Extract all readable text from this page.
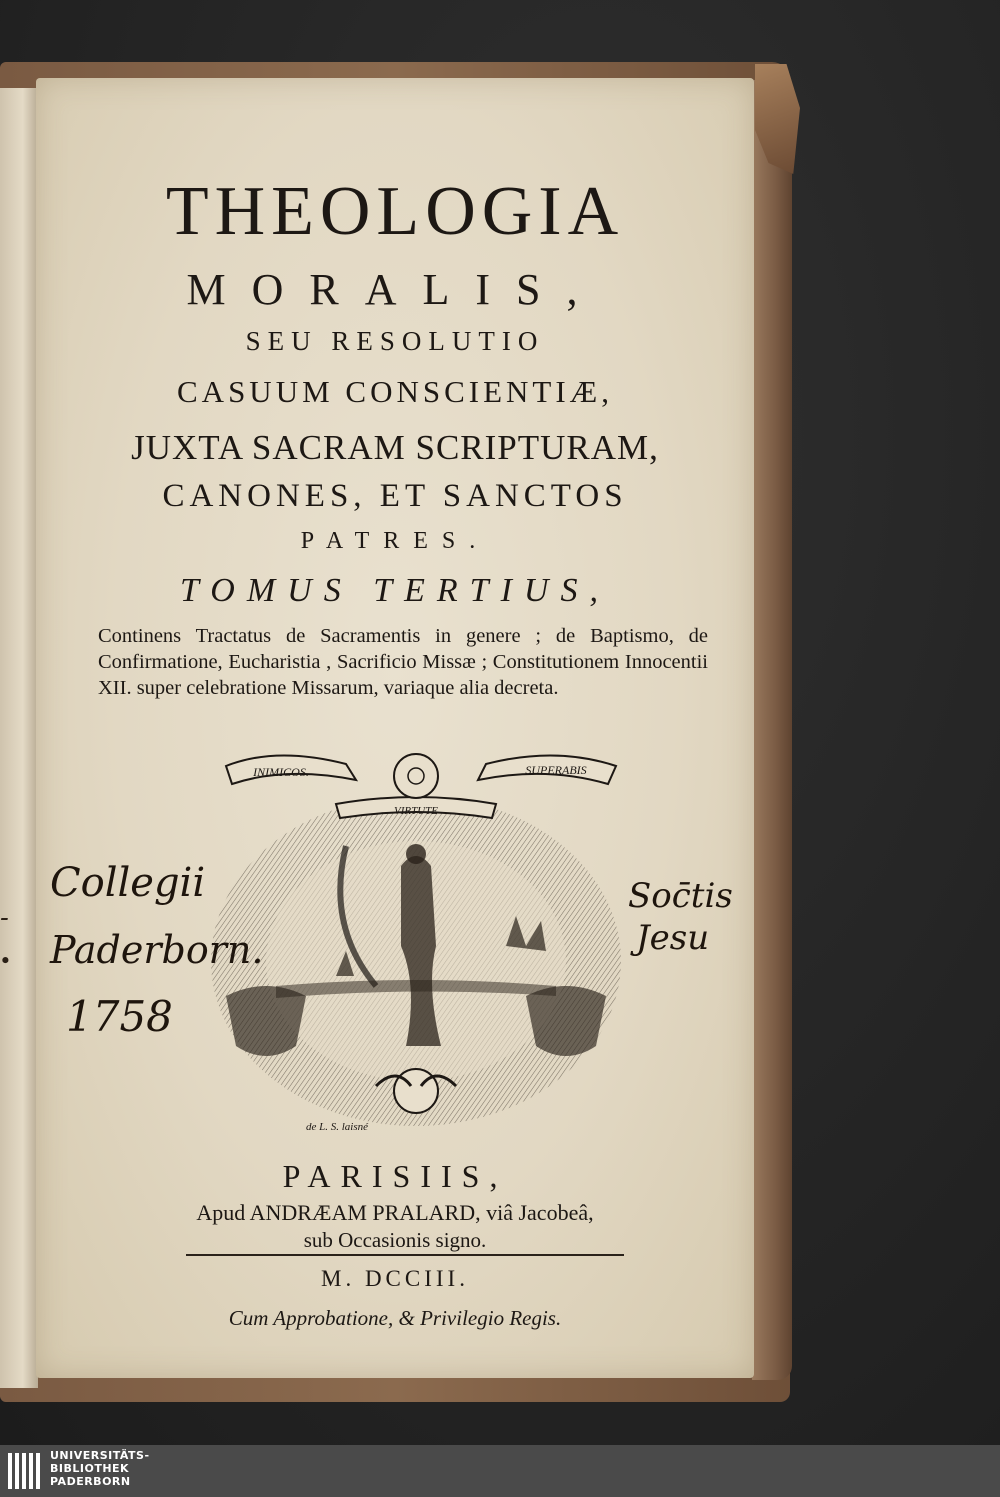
-
∙
THEOLOGIA
MORALIS,
SEU RESOLUTIO
CASUUM CONSCIENTIÆ,
JUXTA SACRAM SCRIPTURAM,
CANONES, ET SANCTOS
PATRES.
TOMUS TERTIUS,
Continens Tractatus de Sacramentis in genere ; de Baptismo, de Confirmatione, Eucharistia , Sacrificio Missæ ; Constitutionem Innocentii XII. super celebratione Missarum, variaque alia decreta.
INIMICOS.	SUPERABIS
VIRTUTE
de L. S. laisné
PARISIIS,
Apud ANDRÆAM PRALARD, viâ Jacobeâ,
sub Occasionis signo.
M. DCCIII.
Cum Approbatione, & Privilegio Regis.
Collegii
Paderborn.
1758
Soc̄tis
Jesu
UNIVERSITÄTS-
BIBLIOTHEK
PADERBORN
